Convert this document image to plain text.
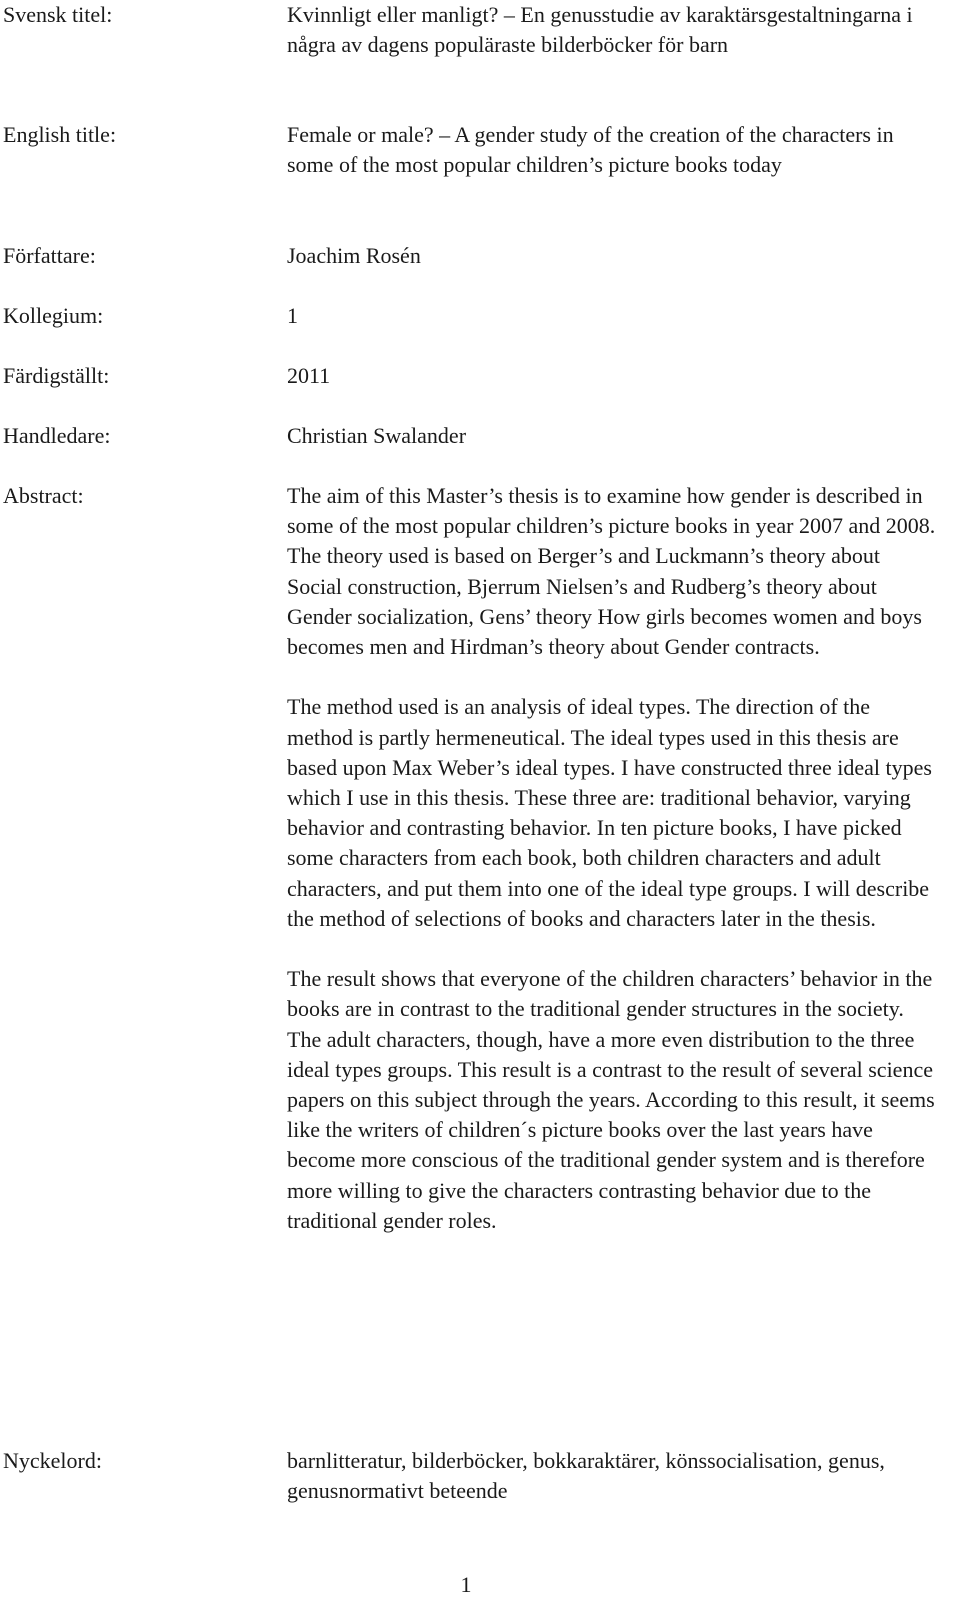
Svensk titel:	Kvinnligt eller manligt? – En genusstudie av karaktärsgestaltningarna i några av dagens populäraste bilderböcker för barn
English title:	Female or male? – A gender study of the creation of the characters in some of the most popular children’s picture books today
Författare:	Joachim Rosén
Kollegium:	1
Färdigställt:	2011
Handledare:	Christian Swalander
Abstract:	The aim of this Master’s thesis is to examine how gender is described in some of the most popular children’s picture books in year 2007 and 2008. The theory used is based on Berger’s and Luckmann’s theory about Social construction, Bjerrum Nielsen’s and Rudberg’s theory about Gender socialization, Gens’ theory How girls becomes women and boys becomes men and Hirdman’s theory about Gender contracts.

The method used is an analysis of ideal types. The direction of the method is partly hermeneutical. The ideal types used in this thesis are based upon Max Weber’s ideal types. I have constructed three ideal types which I use in this thesis. These three are: traditional behavior, varying behavior and contrasting behavior. In ten picture books, I have picked some characters from each book, both children characters and adult characters, and put them into one of the ideal type groups. I will describe the method of selections of books and characters later in the thesis.

The result shows that everyone of the children characters’ behavior in the books are in contrast to the traditional gender structures in the society. The adult characters, though, have a more even distribution to the three ideal types groups. This result is a contrast to the result of several science papers on this subject through the years. According to this result, it seems like the writers of children´s picture books over the last years have become more conscious of the traditional gender system and is therefore more willing to give the characters contrasting behavior due to the traditional gender roles.

Nyckelord:	barnlitteratur, bilderböcker, bokkaraktärer, könssocialisation, genus, genusnormativt beteende
1
